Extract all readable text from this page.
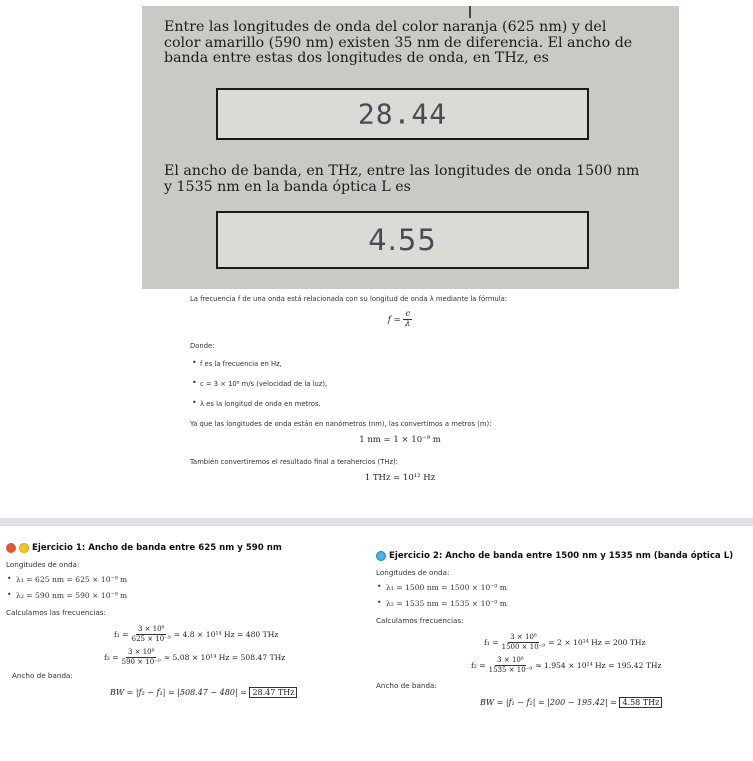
Entre las longitudes de onda del color naranja (625 nm) y del color amarillo (590 nm) existen 35 nm de diferencia. El ancho de banda entre estas dos longitudes de onda, en THz, es
28.44
El ancho de banda, en THz, entre las longitudes de onda 1500 nm y 1535 nm en la banda óptica L es
4.55

La frecuencia f de una onda está relacionada con su longitud de onda λ mediante la fórmula:

$f = \frac{c}{\lambda}$

Donde:

• f es la frecuencia en Hz,
• c = 3 × 10⁸ m/s (velocidad de la luz),
• λ es la longitud de onda en metros.

Ya que las longitudes de onda están en nanómetros (nm), las convertimos a metros (m):

1 nm = 1 × 10⁻⁹ m

También convertiremos el resultado final a terahercios (THz):

1 THz = 10¹² Hz
Ejercicio 1: Ancho de banda entre 625 nm y 590 nm
Longitudes de onda:
• λ₁ = 625 nm = 625 × 10⁻⁹ m
• λ₂ = 590 nm = 590 × 10⁻⁹ m
Calculamos las frecuencias:
$f_1 = \frac{\text{3 × 10⁸}}{\text{625 × 10⁻⁹}} = 4.8 \times 10^{14}$ Hz = 480 THz
$f_2 = \frac{\text{3 × 10⁸}}{\text{590 × 10⁻⁹}} \approx 5.08 \times 10^{14}$ Hz = 508.47 THz
Ancho de banda:
BW = |f₂ − f₁| = |508.47 − 480| = 28.47 THz
Ejercicio 2: Ancho de banda entre 1500 nm y 1535 nm (banda óptica L)
Longitudes de onda:
• λ₁ = 1500 nm = 1500 × 10⁻⁹ m
• λ₂ = 1535 nm = 1535 × 10⁻⁹ m
Calculamos frecuencias:
$f_1 = \frac{\text{3 × 10⁸}}{\text{1500 × 10⁻⁹}} = 2 \times 10^{14}$ Hz = 200 THz
$f_2 = \frac{\text{3 × 10⁸}}{\text{1535 × 10⁻⁹}} \approx 1.954 \times 10^{14}$ Hz = 195.42 THz
Ancho de banda:
BW = |f₁ − f₂| = |200 − 195.42| = 4.58 THz
